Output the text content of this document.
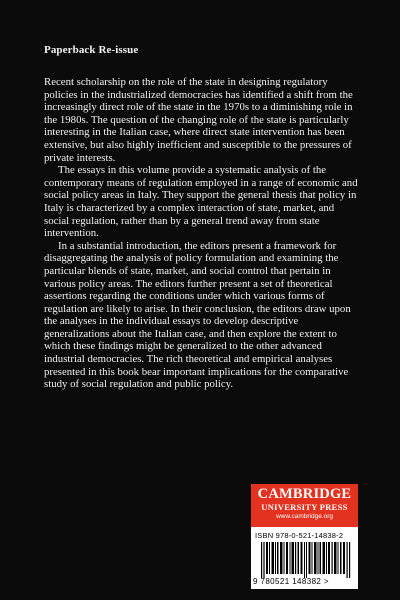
Paperback Re-issue

Recent scholarship on the role of the state in designing regulatory policies in the industrialized democracies has identified a shift from the increasingly direct role of the state in the 1970s to a diminishing role in the 1980s. The question of the changing role of the state is particularly interesting in the Italian case, where direct state intervention has been extensive, but also highly inefficient and susceptible to the pressures of private interests.

The essays in this volume provide a systematic analysis of the contemporary means of regulation employed in a range of economic and social policy areas in Italy. They support the general thesis that policy in Italy is characterized by a complex interaction of state, market, and social regulation, rather than by a general trend away from state intervention.

In a substantial introduction, the editors present a framework for disaggregating the analysis of policy formulation and examining the particular blends of state, market, and social control that pertain in various policy areas. The editors further present a set of theoretical assertions regarding the conditions under which various forms of regulation are likely to arise. In their conclusion, the editors draw upon the analyses in the individual essays to develop descriptive generalizations about the Italian case, and then explore the extent to which these findings might be generalized to the other advanced industrial democracies. The rich theoretical and empirical analyses presented in this book bear important implications for the comparative study of social regulation and public policy.

CAMBRIDGE
UNIVERSITY PRESS
www.cambridge.org
ISBN 978-0-521-14838-2
9 780521 148382 >
